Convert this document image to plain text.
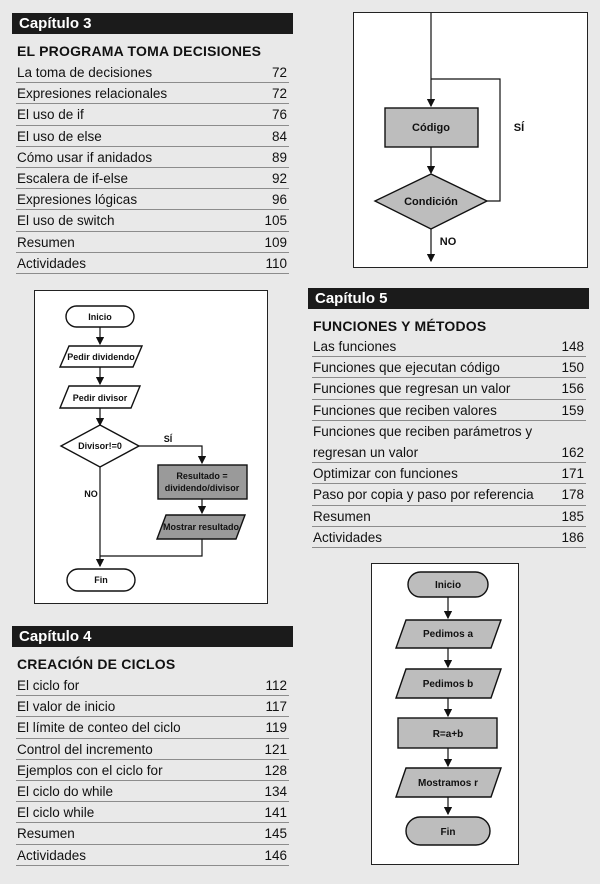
Capítulo 3
EL PROGRAMA TOMA DECISIONES
La toma de decisiones	72
Expresiones relacionales	72
El uso de if	76
El uso de else	84
Cómo usar if anidados	89
Escalera de if-else	92
Expresiones lógicas	96
El uso de switch	105
Resumen	109
Actividades	110
Inicio
Pedir dividendo
Pedir divisor
Divisor!=0
SÍ
NO
Resultado =
dividendo/divisor
Mostrar resultado
Fin
Capítulo 4
CREACIÓN DE CICLOS
El ciclo for	112
El valor de inicio	117
El límite de conteo del ciclo	119
Control del incremento	121
Ejemplos con el ciclo for	128
El ciclo do while	134
El ciclo while	141
Resumen	145
Actividades	146
Código
Condición
SÍ
NO
Capítulo 5
FUNCIONES Y MÉTODOS
Las funciones	148
Funciones que ejecutan código	150
Funciones que regresan un valor	156
Funciones que reciben valores	159
Funciones que reciben parámetros y regresan un valor	162
Optimizar con funciones	171
Paso por copia y paso por referencia 178
Resumen	185
Actividades	186
Inicio
Pedimos a
Pedimos b
R=a+b
Mostramos r
Fin
